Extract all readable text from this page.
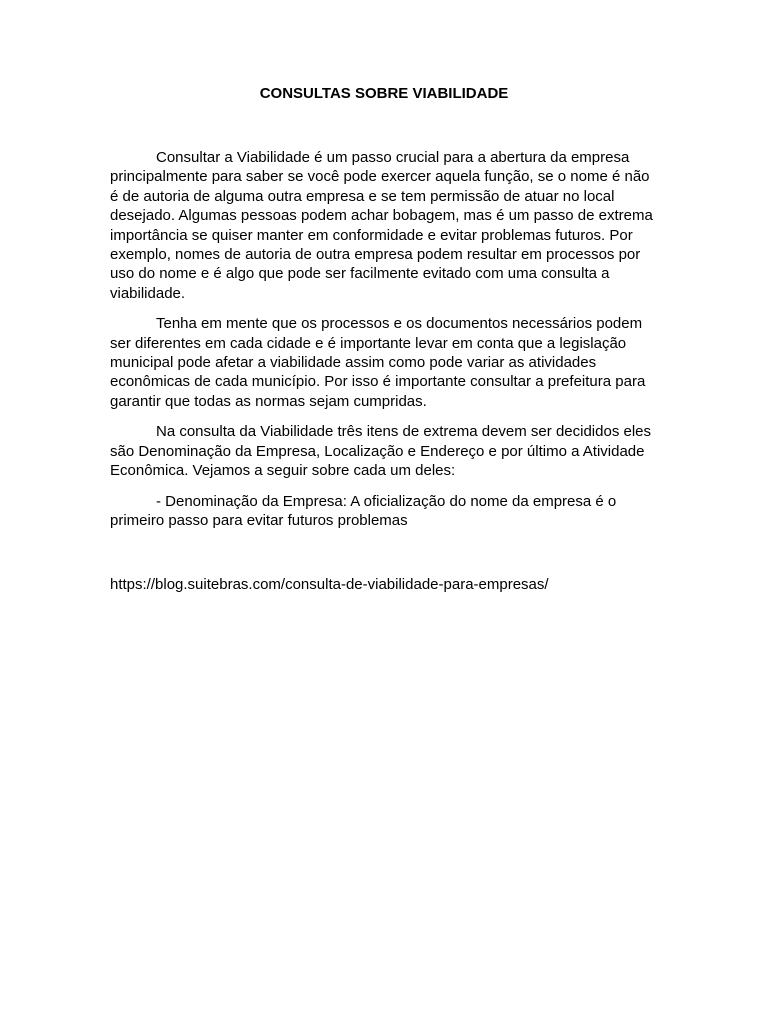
CONSULTAS SOBRE VIABILIDADE

Consultar a Viabilidade é um passo crucial para a abertura da empresa principalmente para saber se você pode exercer aquela função, se o nome é não é de autoria de alguma outra empresa e se tem permissão de atuar no local desejado. Algumas pessoas podem achar bobagem, mas é um passo de extrema importância se quiser manter em conformidade e evitar problemas futuros. Por exemplo, nomes de autoria de outra empresa podem resultar em processos por uso do nome e é algo que pode ser facilmente evitado com uma consulta a viabilidade.

Tenha em mente que os processos e os documentos necessários podem ser diferentes em cada cidade e é importante levar em conta que a legislação municipal pode afetar a viabilidade assim como pode variar as atividades econômicas de cada município. Por isso é importante consultar a prefeitura para garantir que todas as normas sejam cumpridas.

Na consulta da Viabilidade três itens de extrema devem ser decididos eles são Denominação da Empresa, Localização e Endereço e por último a Atividade Econômica. Vejamos a seguir sobre cada um deles:

- Denominação da Empresa: A oficialização do nome da empresa é o primeiro passo para evitar futuros problemas

https://blog.suitebras.com/consulta-de-viabilidade-para-empresas/
